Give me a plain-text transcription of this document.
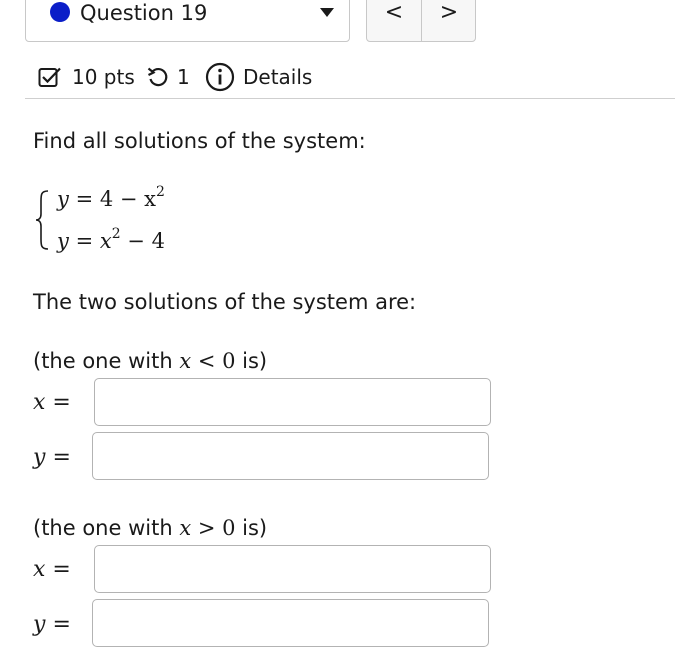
Question 19	<	>
10 pts 1	Details
Find all solutions of the system:
$y = 4 - x^2$
$y = x^2 - 4$
The two solutions of the system are:
(the one with x < 0 is)
x =
y =
(the one with x > 0 is)
x =
y =
